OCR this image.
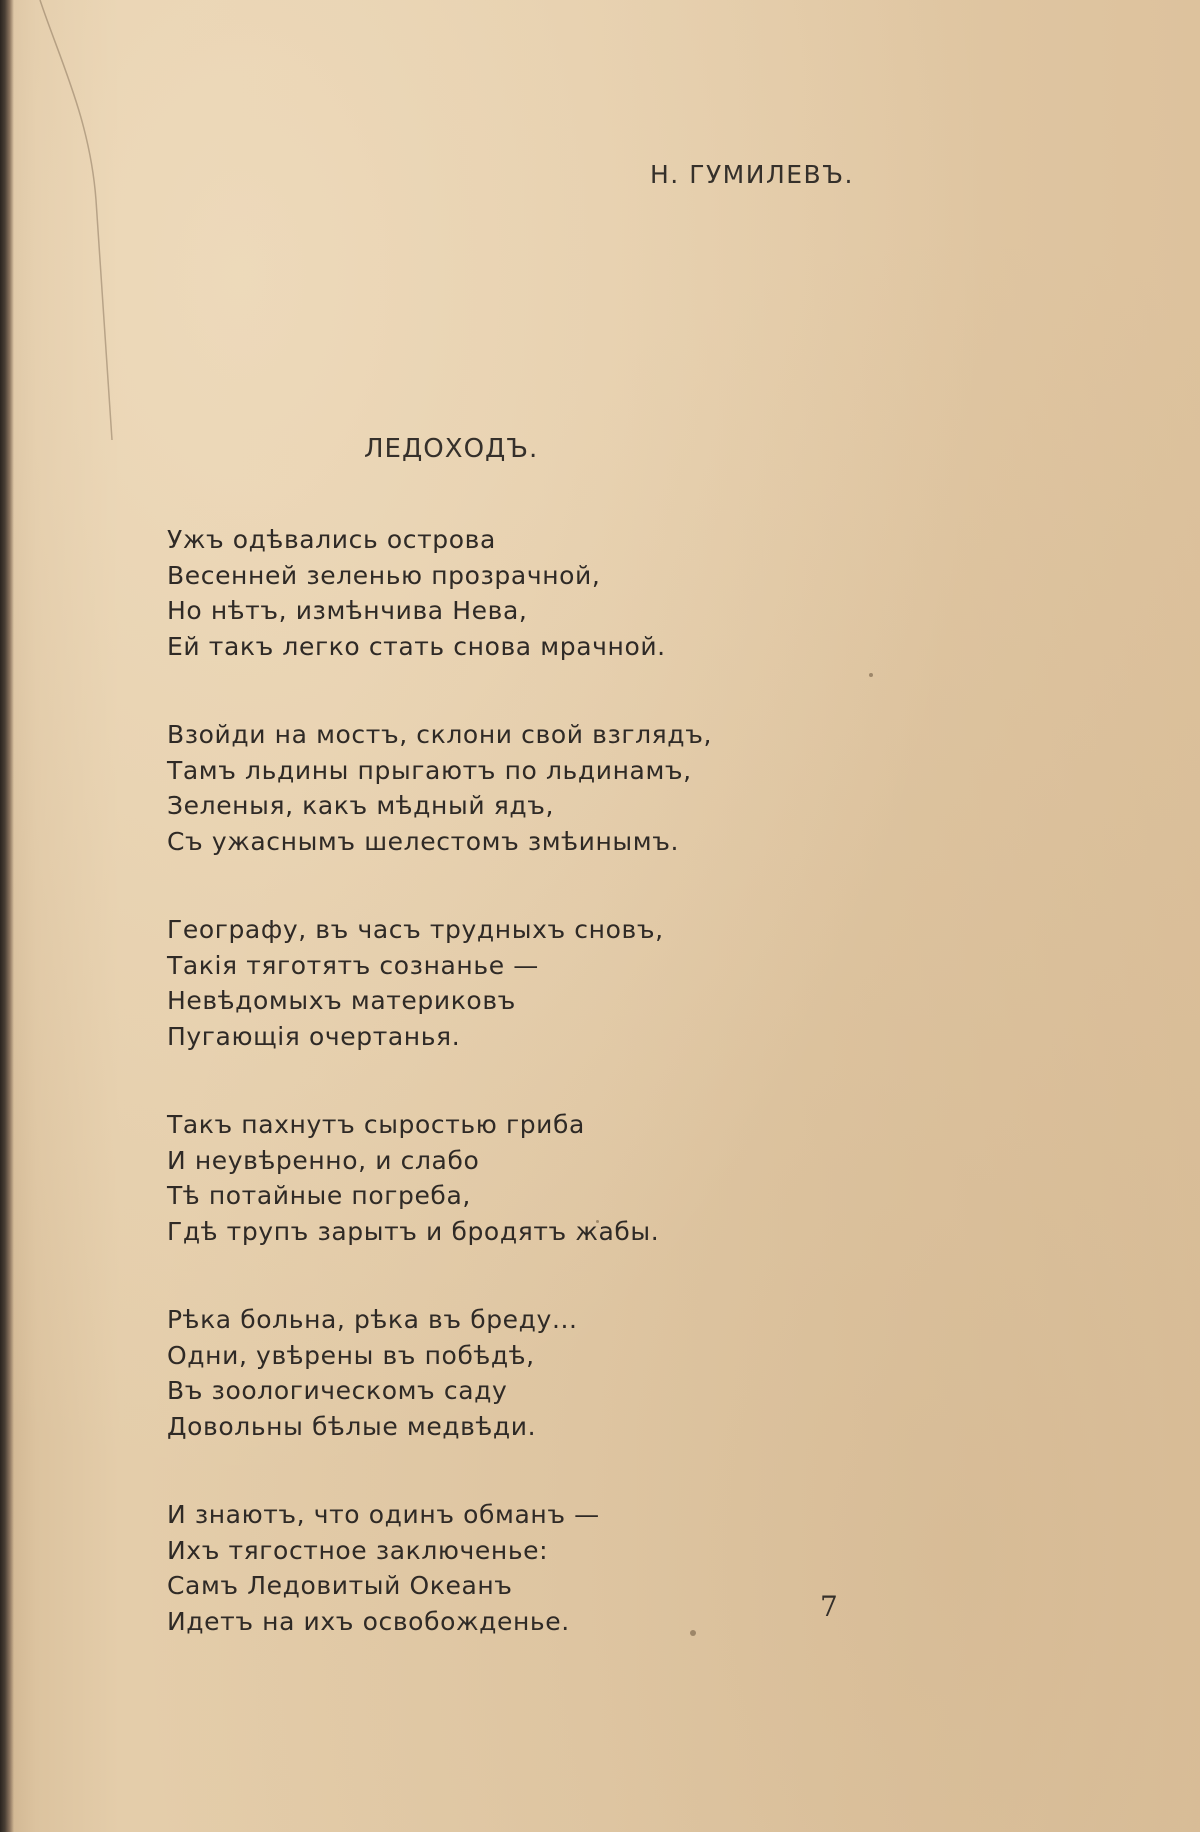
Н. ГУМИЛЕВЪ.
ЛЕДОХОДЪ.
Ужъ одѣвались острова
Весенней зеленью прозрачной,
Но нѣтъ, измѣнчива Нева,
Ей такъ легко стать снова мрачной.
Взойди на мостъ, склони свой взглядъ,
Тамъ льдины прыгаютъ по льдинамъ,
Зеленыя, какъ мѣдный ядъ,
Съ ужаснымъ шелестомъ змѣинымъ.
Географу, въ часъ трудныхъ сновъ,
Такія тяготятъ сознанье —
Невѣдомыхъ материковъ
Пугающія очертанья.
Такъ пахнутъ сыростью гриба
И неувѣренно, и слабо
Тѣ потайные погреба,
Гдѣ трупъ зарытъ и бродятъ жабы.
Рѣка больна, рѣка въ бреду...
Одни, увѣрены въ побѣдѣ,
Въ зоологическомъ саду
Довольны бѣлые медвѣди.
И знаютъ, что одинъ обманъ —
Ихъ тягостное заключенье:
Самъ Ледовитый Океанъ
Идетъ на ихъ освобожденье.	7
